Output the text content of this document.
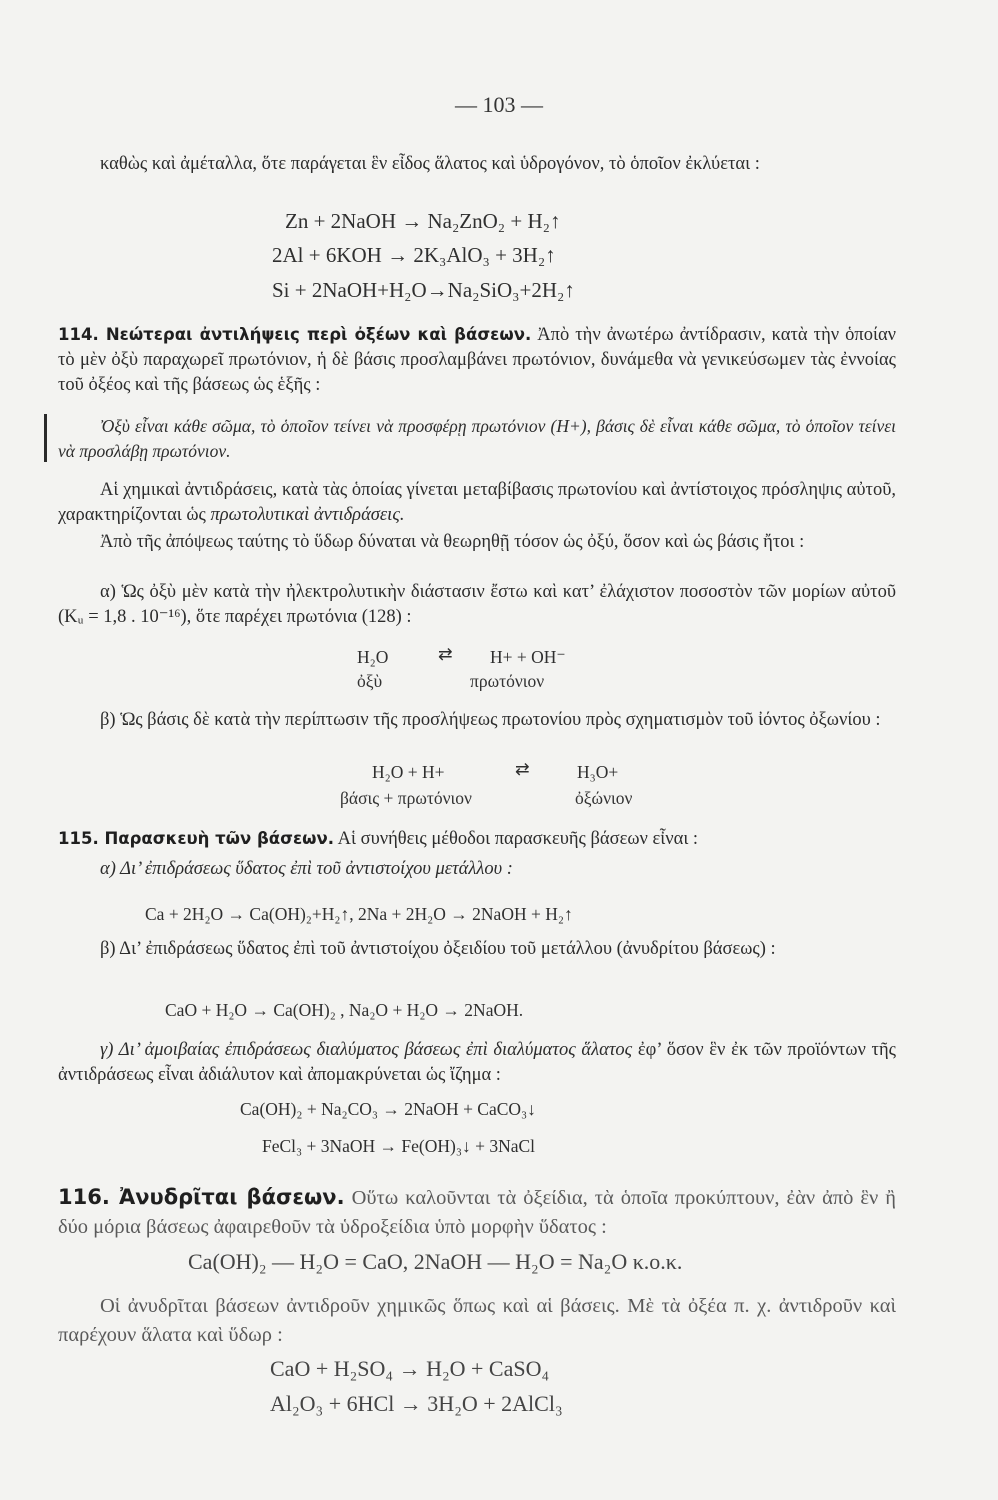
— 103 —
καθὼς καὶ ἀμέταλλα, ὅτε παράγεται ἓν εἶδος ἅλατος καὶ ὑδρογόνον, τὸ ὁποῖον ἐκλύεται :
Zn + 2NaOH → Na₂ZnO₂ + H₂↑
2Al + 6KOH → 2K₃AlO₃ + 3H₂↑
Si + 2NaOH+H₂O→Na₂SiO₃+2H₂↑
114. Νεώτεραι ἀντιλήψεις περὶ ὀξέων καὶ βάσεων. Ἀπὸ τὴν ἀνωτέρω ἀντίδρασιν, κατὰ τὴν ὁποίαν τὸ μὲν ὀξὺ παραχωρεῖ πρωτόνιον, ἡ δὲ βάσις προσλαμβάνει πρωτόνιον, δυνάμεθα νὰ γενικεύσωμεν τὰς ἐννοίας τοῦ ὀξέος καὶ τῆς βάσεως ὡς ἑξῆς :
Ὀξὺ εἶναι κάθε σῶμα, τὸ ὁποῖον τείνει νὰ προσφέρῃ πρωτόνιον (H+), βάσις δὲ εἶναι κάθε σῶμα, τὸ ὁποῖον τείνει νὰ προσλάβῃ πρωτόνιον.
Αἱ χημικαὶ ἀντιδράσεις, κατὰ τὰς ὁποίας γίνεται μεταβίβασις πρωτονίου καὶ ἀντίστοιχος πρόσληψις αὐτοῦ, χαρακτηρίζονται ὡς πρωτολυτικαὶ ἀντιδράσεις.
Ἀπὸ τῆς ἀπόψεως ταύτης τὸ ὕδωρ δύναται νὰ θεωρηθῇ τόσον ὡς ὀξύ, ὅσον καὶ ὡς βάσις ἤτοι :
α) Ὡς ὀξὺ μὲν κατὰ τὴν ἠλεκτρολυτικὴν διάστασιν ἔστω καὶ κατ’ ἐλάχιστον ποσοστὸν τῶν μορίων αὐτοῦ (Kᵤ = 1,8 . 10⁻¹⁶), ὅτε παρέχει πρωτόνια (128) :
H₂O	⇄ H+ + OH⁻
ὀξὺ	πρωτόνιον
β) Ὡς βάσις δὲ κατὰ τὴν περίπτωσιν τῆς προσλήψεως πρωτονίου πρὸς σχηματισμὸν τοῦ ἰόντος ὀξωνίου :
H₂O + H+	⇄	H₃O+
βάσις + πρωτόνιον	ὀξώνιον
115. Παρασκευὴ τῶν βάσεων. Αἱ συνήθεις μέθοδοι παρασκευῆς βάσεων εἶναι :
α) Δι’ ἐπιδράσεως ὕδατος ἐπὶ τοῦ ἀντιστοίχου μετάλλου :
Ca + 2H₂O → Ca(OH)₂+H₂↑, 2Na + 2H₂O → 2NaOH + H₂↑
β) Δι’ ἐπιδράσεως ὕδατος ἐπὶ τοῦ ἀντιστοίχου ὀξειδίου τοῦ μετάλλου (ἀνυδρίτου βάσεως) :
CaO + H₂O → Ca(OH)₂ , Na₂O + H₂O → 2NaOH.
γ) Δι’ ἀμοιβαίας ἐπιδράσεως διαλύματος βάσεως ἐπὶ διαλύματος ἅλατος ἐφ’ ὅσον ἓν ἐκ τῶν προϊόντων τῆς ἀντιδράσεως εἶναι ἀδιάλυτον καὶ ἀπομακρύνεται ὡς ἴζημα :
Ca(OH)₂ + Na₂CO₃ → 2NaOH + CaCO₃↓
FeCl₃ + 3NaOH → Fe(OH)₃↓ + 3NaCl
116. Ἀνυδρῖται βάσεων. Οὕτω καλοῦνται τὰ ὀξείδια, τὰ ὁποῖα προκύπτουν, ἐὰν ἀπὸ ἓν ἢ δύο μόρια βάσεως ἀφαιρεθοῦν τὰ ὑδροξείδια ὑπὸ μορφὴν ὕδατος :
Ca(OH)₂ — H₂O = CaO, 2NaOH — H₂O = Na₂O κ.ο.κ.
Οἱ ἀνυδρῖται βάσεων ἀντιδροῦν χημικῶς ὅπως καὶ αἱ βάσεις. Μὲ τὰ ὀξέα π. χ. ἀντιδροῦν καὶ παρέχουν ἅλατα καὶ ὕδωρ :
CaO + H₂SO₄ → H₂O + CaSO₄
Al₂O₃ + 6HCl → 3H₂O + 2AlCl₃
